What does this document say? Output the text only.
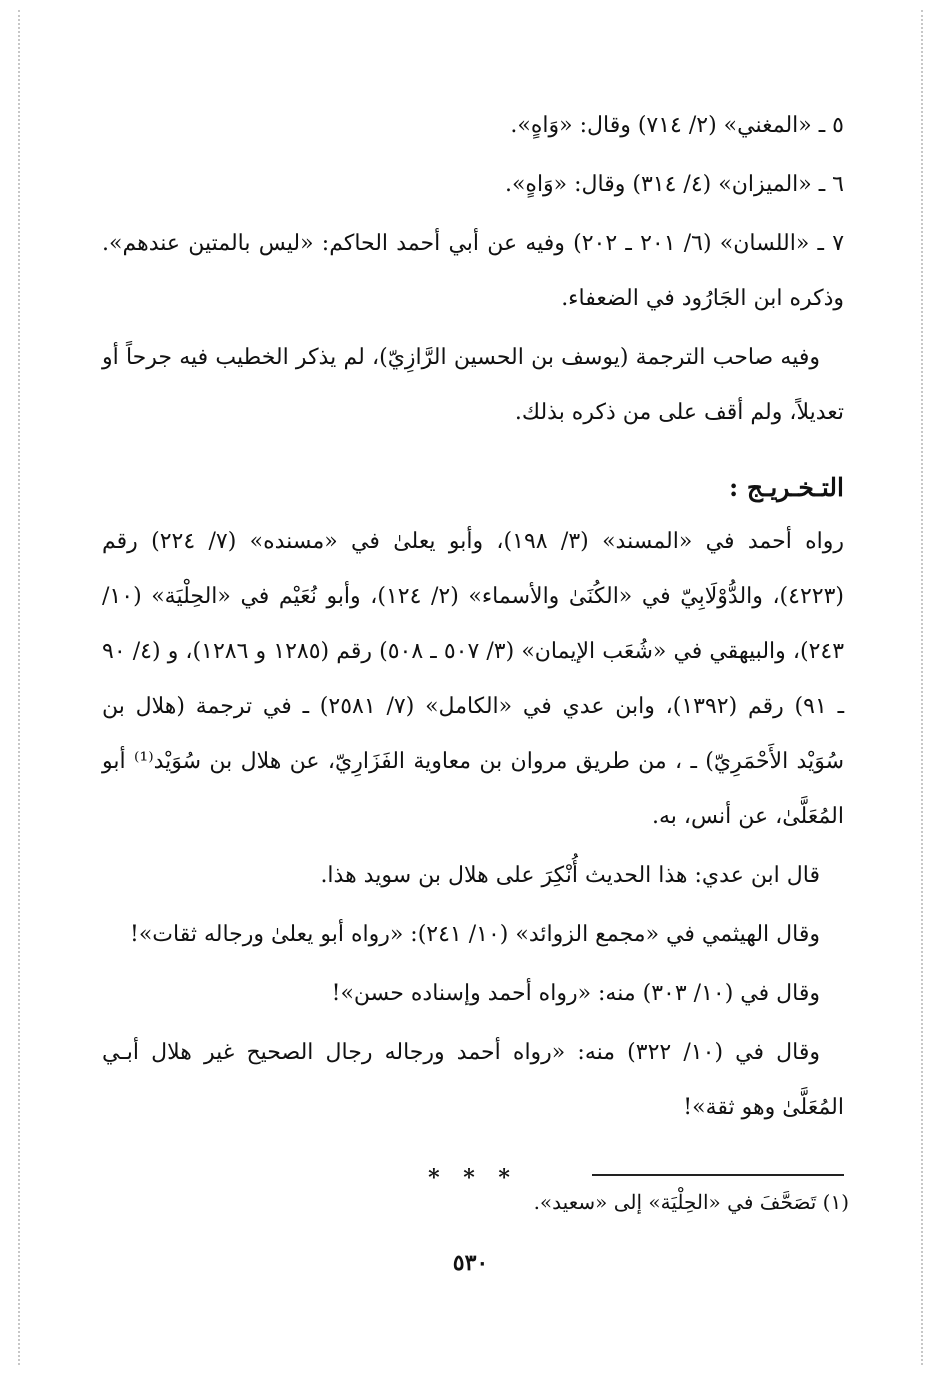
٥ ـ «المغني» (٢/ ٧١٤) وقال: «وَاهٍ».

٦ ـ «الميزان» (٤/ ٣١٤) وقال: «وَاهٍ».

٧ ـ «اللسان» (٦/ ٢٠١ ـ ٢٠٢) وفيه عن أبي أحمد الحاكم: «ليس بالمتين عندهم». وذكره ابن الجَارُود في الضعفاء.

وفيه صاحب الترجمة (يوسف بن الحسين الرَّازِيّ)، لم يذكر الخطيب فيه جرحاً أو تعديلاً، ولم أقف على من ذكره بذلك.

التـخـريـج :

رواه أحمد في «المسند» (٣/ ١٩٨)، وأبو يعلىٰ في «مسنده» (٧/ ٢٢٤) رقم (٤٢٢٣)، والدُّوْلَابِيّ في «الكُنَىٰ والأسماء» (٢/ ١٢٤)، وأبو نُعَيْم في «الحِلْيَة» (١٠/ ٢٤٣)، والبيهقي في «شُعَب الإيمان» (٣/ ٥٠٧ ـ ٥٠٨) رقم (١٢٨٥ و ١٢٨٦)، و (٤/ ٩٠ ـ ٩١) رقم (١٣٩٢)، وابن عدي في «الكامل» (٧/ ٢٥٨١) ـ في ترجمة (هلال بن سُوَيْد الأَحْمَرِيّ) ـ ، من طريق مروان بن معاوية الفَزَارِيّ، عن هلال بن سُوَيْد⁽¹⁾ أبو المُعَلَّىٰ، عن أنس، به.

قال ابن عدي: هذا الحديث أُنْكِرَ على هلال بن سويد هذا.

وقال الهيثمي في «مجمع الزوائد» (١٠/ ٢٤١): «رواه أبو يعلىٰ ورجاله ثقات»!

وقال في (١٠/ ٣٠٣) منه: «رواه أحمد وإسناده حسن»!

وقال في (١٠/ ٣٢٢) منه: «رواه أحمد ورجاله رجال الصحيح غير هلال أبـي المُعَلَّىٰ وهو ثقة»!

* * *
(١) تَصَحَّفَ في «الحِلْيَة» إلى «سعيد».
٥٣٠
